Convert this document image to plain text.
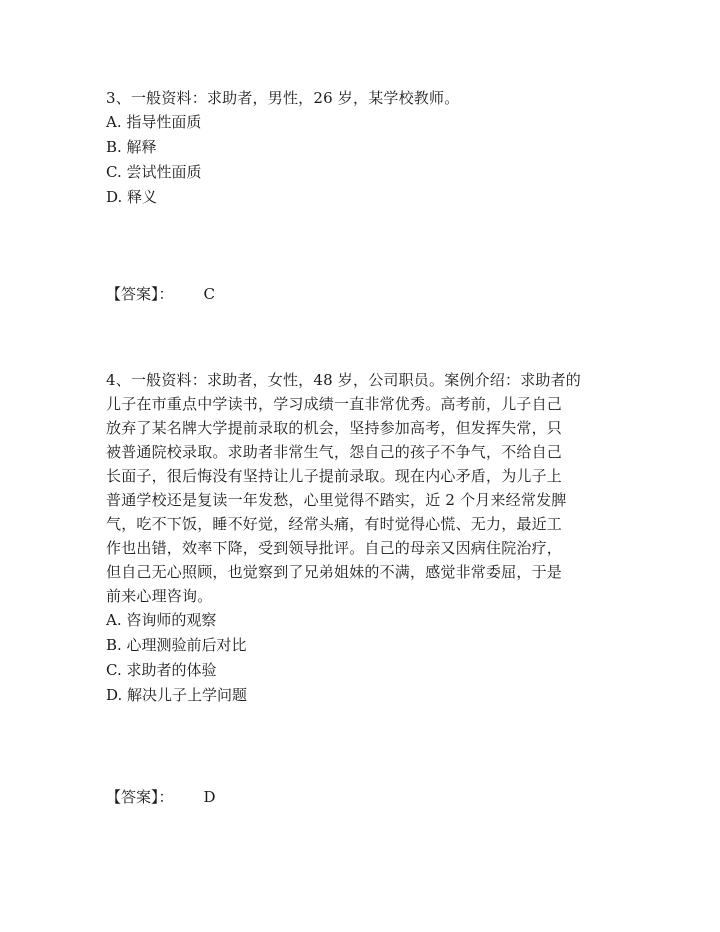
3、一般资料：求助者，男性，26 岁，某学校教师。
A. 指导性面质
B. 解释
C. 尝试性面质
D. 释义
【答案】： C
4、一般资料：求助者，女性，48 岁，公司职员。案例介绍：求助者的
儿子在市重点中学读书，学习成绩一直非常优秀。高考前，儿子自己
放弃了某名牌大学提前录取的机会，坚持参加高考，但发挥失常，只
被普通院校录取。求助者非常生气，怨自己的孩子不争气，不给自己
长面子，很后悔没有坚持让儿子提前录取。现在内心矛盾，为儿子上
普通学校还是复读一年发愁，心里觉得不踏实，近 2 个月来经常发脾
气，吃不下饭，睡不好觉，经常头痛，有时觉得心慌、无力，最近工
作也出错，效率下降，受到领导批评。自己的母亲又因病住院治疗，
但自己无心照顾，也觉察到了兄弟姐妹的不满，感觉非常委屈，于是
前来心理咨询。
A. 咨询师的观察
B. 心理测验前后对比
C. 求助者的体验
D. 解决儿子上学问题
【答案】： D
